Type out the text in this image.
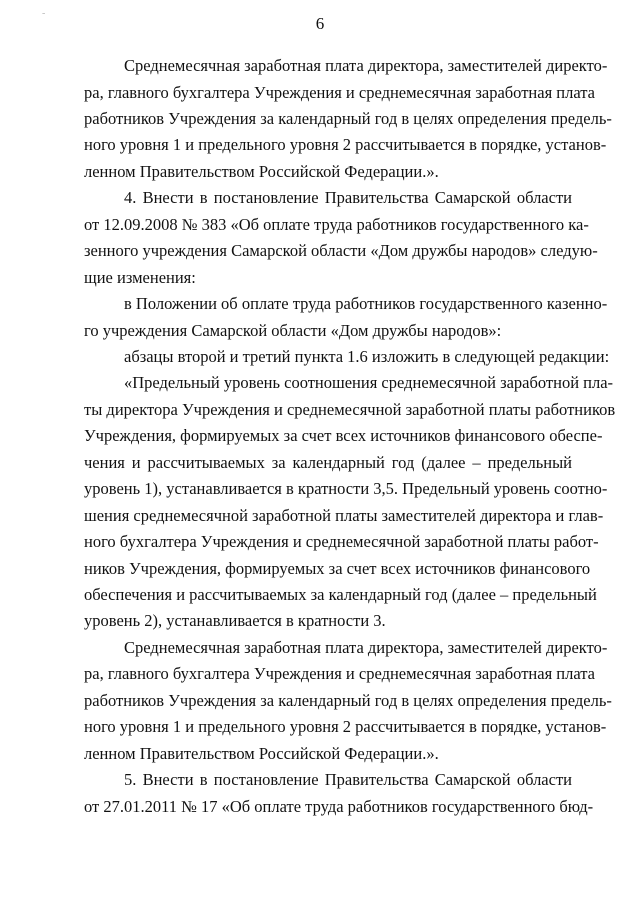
-
6
Среднемесячная заработная плата директора, заместителей директо-
ра, главного бухгалтера Учреждения и среднемесячная заработная плата
работников Учреждения за календарный год в целях определения предель-
ного уровня 1 и предельного уровня 2 рассчитывается в порядке, установ-
ленном Правительством Российской Федерации.».
4. Внести в постановление Правительства Самарской области
от 12.09.2008 № 383 «Об оплате труда работников государственного ка-
зенного учреждения Самарской области «Дом дружбы народов» следую-
щие изменения:
в Положении об оплате труда работников государственного казенно-
го учреждения Самарской области «Дом дружбы народов»:
абзацы второй и третий пункта 1.6 изложить в следующей редакции:
«Предельный уровень соотношения среднемесячной заработной пла-
ты директора Учреждения и среднемесячной заработной платы работников
Учреждения, формируемых за счет всех источников финансового обеспе-
чения и рассчитываемых за календарный год (далее – предельный
уровень 1), устанавливается в кратности 3,5. Предельный уровень соотно-
шения среднемесячной заработной платы заместителей директора и глав-
ного бухгалтера Учреждения и среднемесячной заработной платы работ-
ников Учреждения, формируемых за счет всех источников финансового
обеспечения и рассчитываемых за календарный год (далее – предельный
уровень 2), устанавливается в кратности 3.
Среднемесячная заработная плата директора, заместителей директо-
ра, главного бухгалтера Учреждения и среднемесячная заработная плата
работников Учреждения за календарный год в целях определения предель-
ного уровня 1 и предельного уровня 2 рассчитывается в порядке, установ-
ленном Правительством Российской Федерации.».
5. Внести в постановление Правительства Самарской области
от 27.01.2011 № 17 «Об оплате труда работников государственного бюд-
